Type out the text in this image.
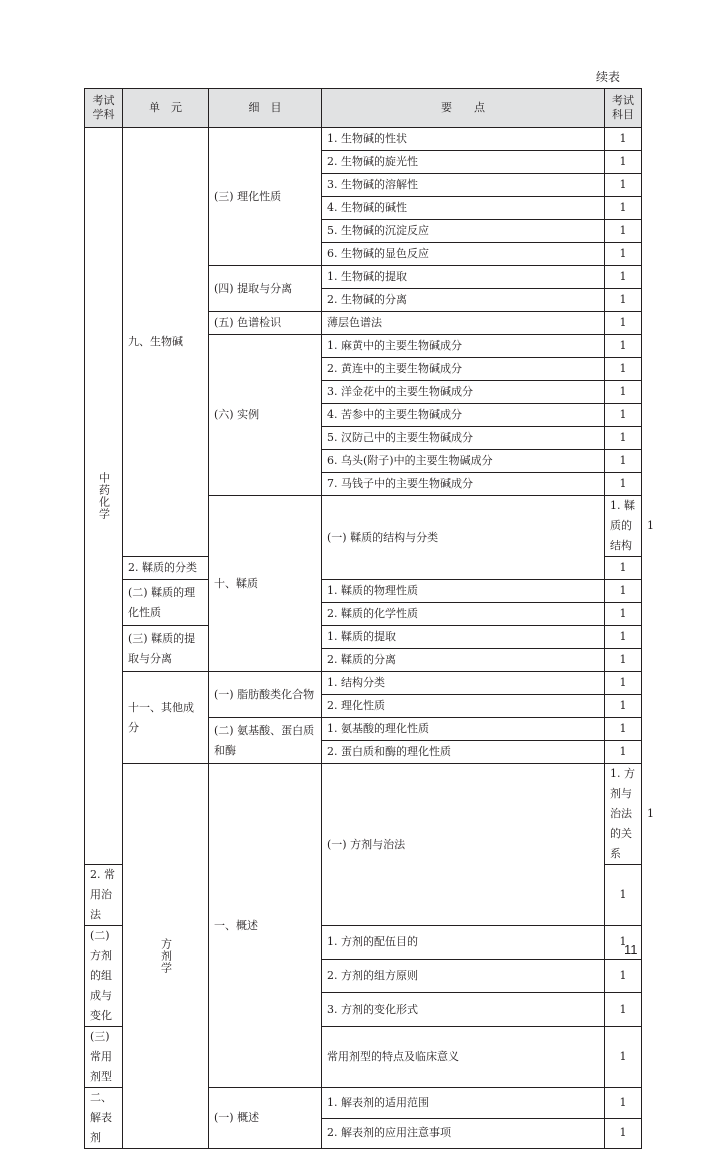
续表
考试
学科	单　元	细　目	要　　点	考试
科目	
中药化学	九、生物碱	(三) 理化性质	1. 生物碱的性状	1	
			2. 生物碱的旋光性	1	
			3. 生物碱的溶解性	1	
			4. 生物碱的碱性	1	
			5. 生物碱的沉淀反应	1	
			6. 生物碱的显色反应	1	
		(四) 提取与分离	1. 生物碱的提取	1	
			2. 生物碱的分离	1	
		(五) 色谱检识	薄层色谱法	1	
		(六) 实例	1. 麻黄中的主要生物碱成分	1	
			2. 黄连中的主要生物碱成分	1	
			3. 洋金花中的主要生物碱成分	1	
			4. 苦参中的主要生物碱成分	1	
			5. 汉防己中的主要生物碱成分	1	
			6. 乌头(附子)中的主要生物碱成分	1	
			7. 马钱子中的主要生物碱成分	1	
		十、鞣质	(一) 鞣质的结构与分类	1. 鞣质的结构	1
	2. 鞣质的分类			1	
	(二) 鞣质的理化性质		1. 鞣质的物理性质	1	
			2. 鞣质的化学性质	1	
	(三) 鞣质的提取与分离		1. 鞣质的提取	1	
			2. 鞣质的分离	1	
	十一、其他成分	(一) 脂肪酸类化合物	1. 结构分类	1	
			2. 理化性质	1	
		(二) 氨基酸、蛋白质和酶	1. 氨基酸的理化性质	1	
			2. 蛋白质和酶的理化性质	1	
	方剂学	一、概述	(一) 方剂与治法	1. 方剂与治法的关系	1
2. 常用治法				1	
(二) 方剂的组成与变化			1. 方剂的配伍目的	1	
			2. 方剂的组方原则	1	
			3. 方剂的变化形式	1	
(三) 常用剂型			常用剂型的特点及临床意义	1	
二、解表剂		(一) 概述	1. 解表剂的适用范围	1	
			2. 解表剂的应用注意事项	1	
11
